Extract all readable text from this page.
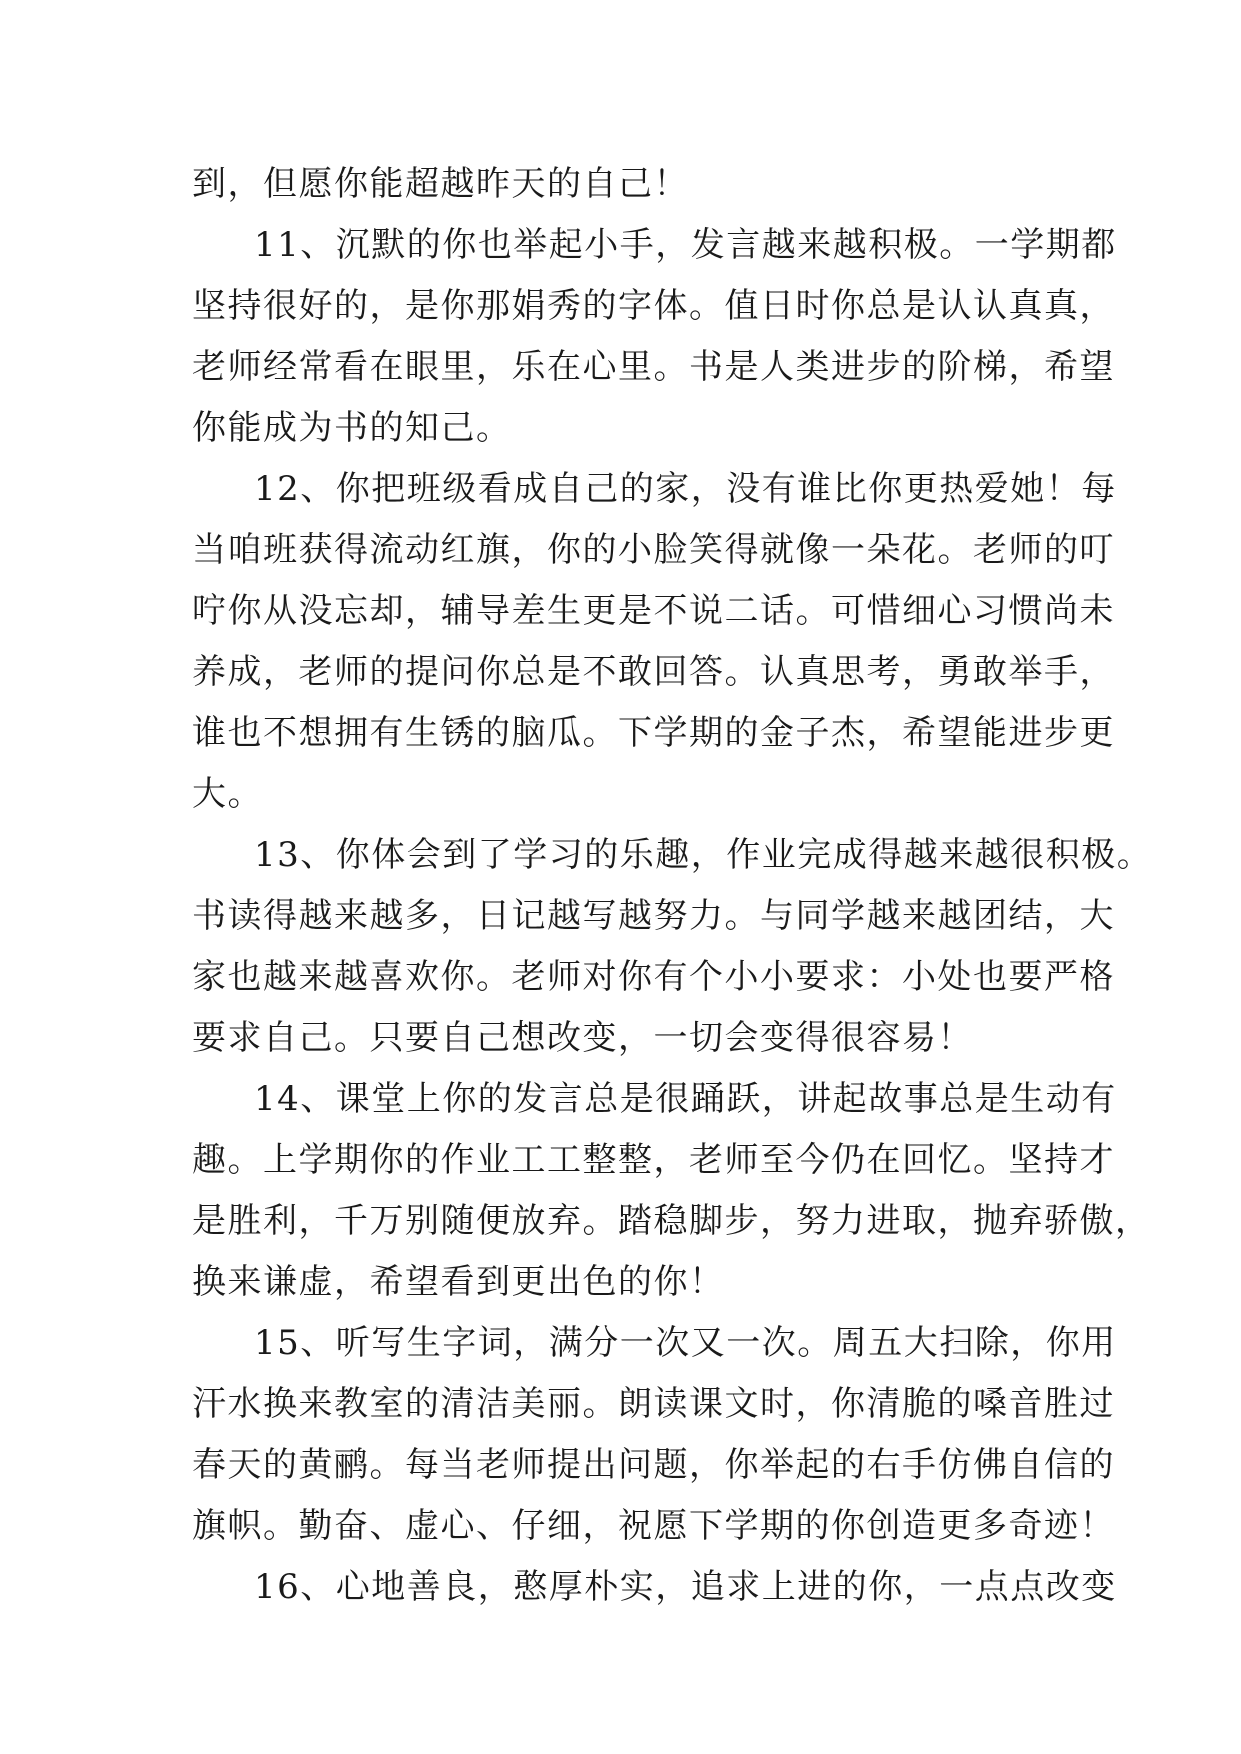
到，但愿你能超越昨天的自己！

11、沉默的你也举起小手，发言越来越积极。一学期都

坚持很好的，是你那娟秀的字体。值日时你总是认认真真，

老师经常看在眼里，乐在心里。书是人类进步的阶梯，希望

你能成为书的知己。

12、你把班级看成自己的家，没有谁比你更热爱她！每

当咱班获得流动红旗，你的小脸笑得就像一朵花。老师的叮

咛你从没忘却，辅导差生更是不说二话。可惜细心习惯尚未

养成，老师的提问你总是不敢回答。认真思考，勇敢举手，

谁也不想拥有生锈的脑瓜。下学期的金子杰，希望能进步更

大。

13、你体会到了学习的乐趣，作业完成得越来越很积极。

书读得越来越多，日记越写越努力。与同学越来越团结，大

家也越来越喜欢你。老师对你有个小小要求：小处也要严格

要求自己。只要自己想改变，一切会变得很容易！

14、课堂上你的发言总是很踊跃，讲起故事总是生动有

趣。上学期你的作业工工整整，老师至今仍在回忆。坚持才

是胜利，千万别随便放弃。踏稳脚步，努力进取，抛弃骄傲，

换来谦虚，希望看到更出色的你！

15、听写生字词，满分一次又一次。周五大扫除，你用

汗水换来教室的清洁美丽。朗读课文时，你清脆的嗓音胜过

春天的黄鹂。每当老师提出问题，你举起的右手仿佛自信的

旗帜。勤奋、虚心、仔细，祝愿下学期的你创造更多奇迹！

16、心地善良，憨厚朴实，追求上进的你，一点点改变
